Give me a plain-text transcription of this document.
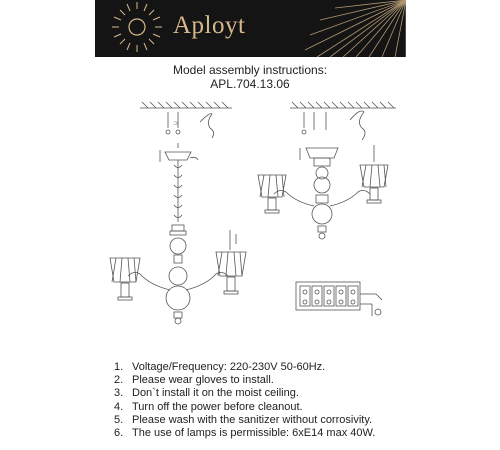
Aployt
Model assembly instructions:
APL.704.13.06
⊃
1. Voltage/Frequency: 220-230V 50-60Hz.
2. Please wear gloves to install.
3. Don`t install it on the moist ceiling.
4. Turn off the power before cleanout.
5. Please wash with the sanitizer without corrosivity.
6. The use of lamps is permissible: 6xE14 max 40W.
